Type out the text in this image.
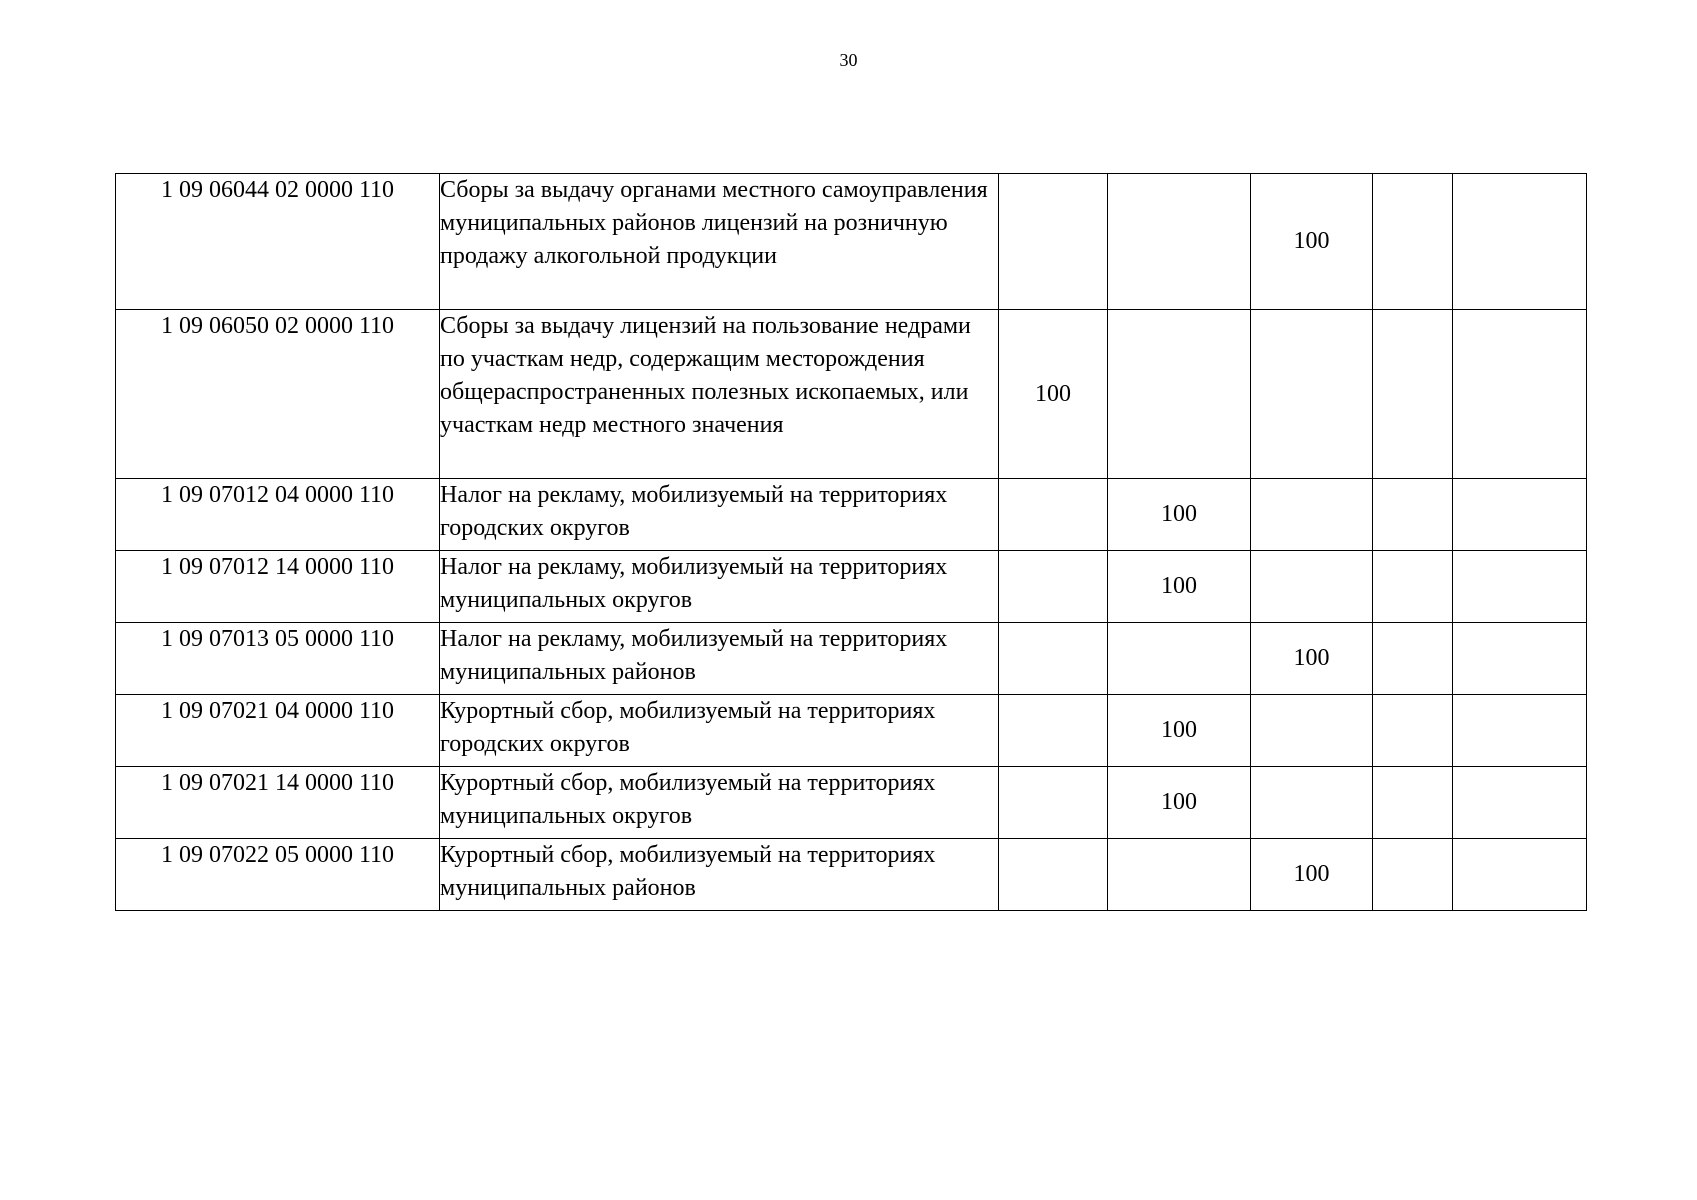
30
1 09 06044 02 0000 110	Сборы за выдачу органами местного самоуправления муниципальных районов лицензий на розничную продажу алкогольной продукции			100		
1 09 06050 02 0000 110	Сборы за выдачу лицензий на пользование недрами по участкам недр, содержащим месторождения общераспространенных полезных ископаемых, или участкам недр местного значения	100				
1 09 07012 04 0000 110	Налог на рекламу, мобилизуемый на территориях городских округов		100			
1 09 07012 14 0000 110	Налог на рекламу, мобилизуемый на территориях муниципальных округов		100			
1 09 07013 05 0000 110	Налог на рекламу, мобилизуемый на территориях муниципальных районов			100		
1 09 07021 04 0000 110	Курортный сбор, мобилизуемый на территориях городских округов		100			
1 09 07021 14 0000 110	Курортный сбор, мобилизуемый на территориях муниципальных округов		100			
1 09 07022 05 0000 110	Курортный сбор, мобилизуемый на территориях муниципальных районов			100		
